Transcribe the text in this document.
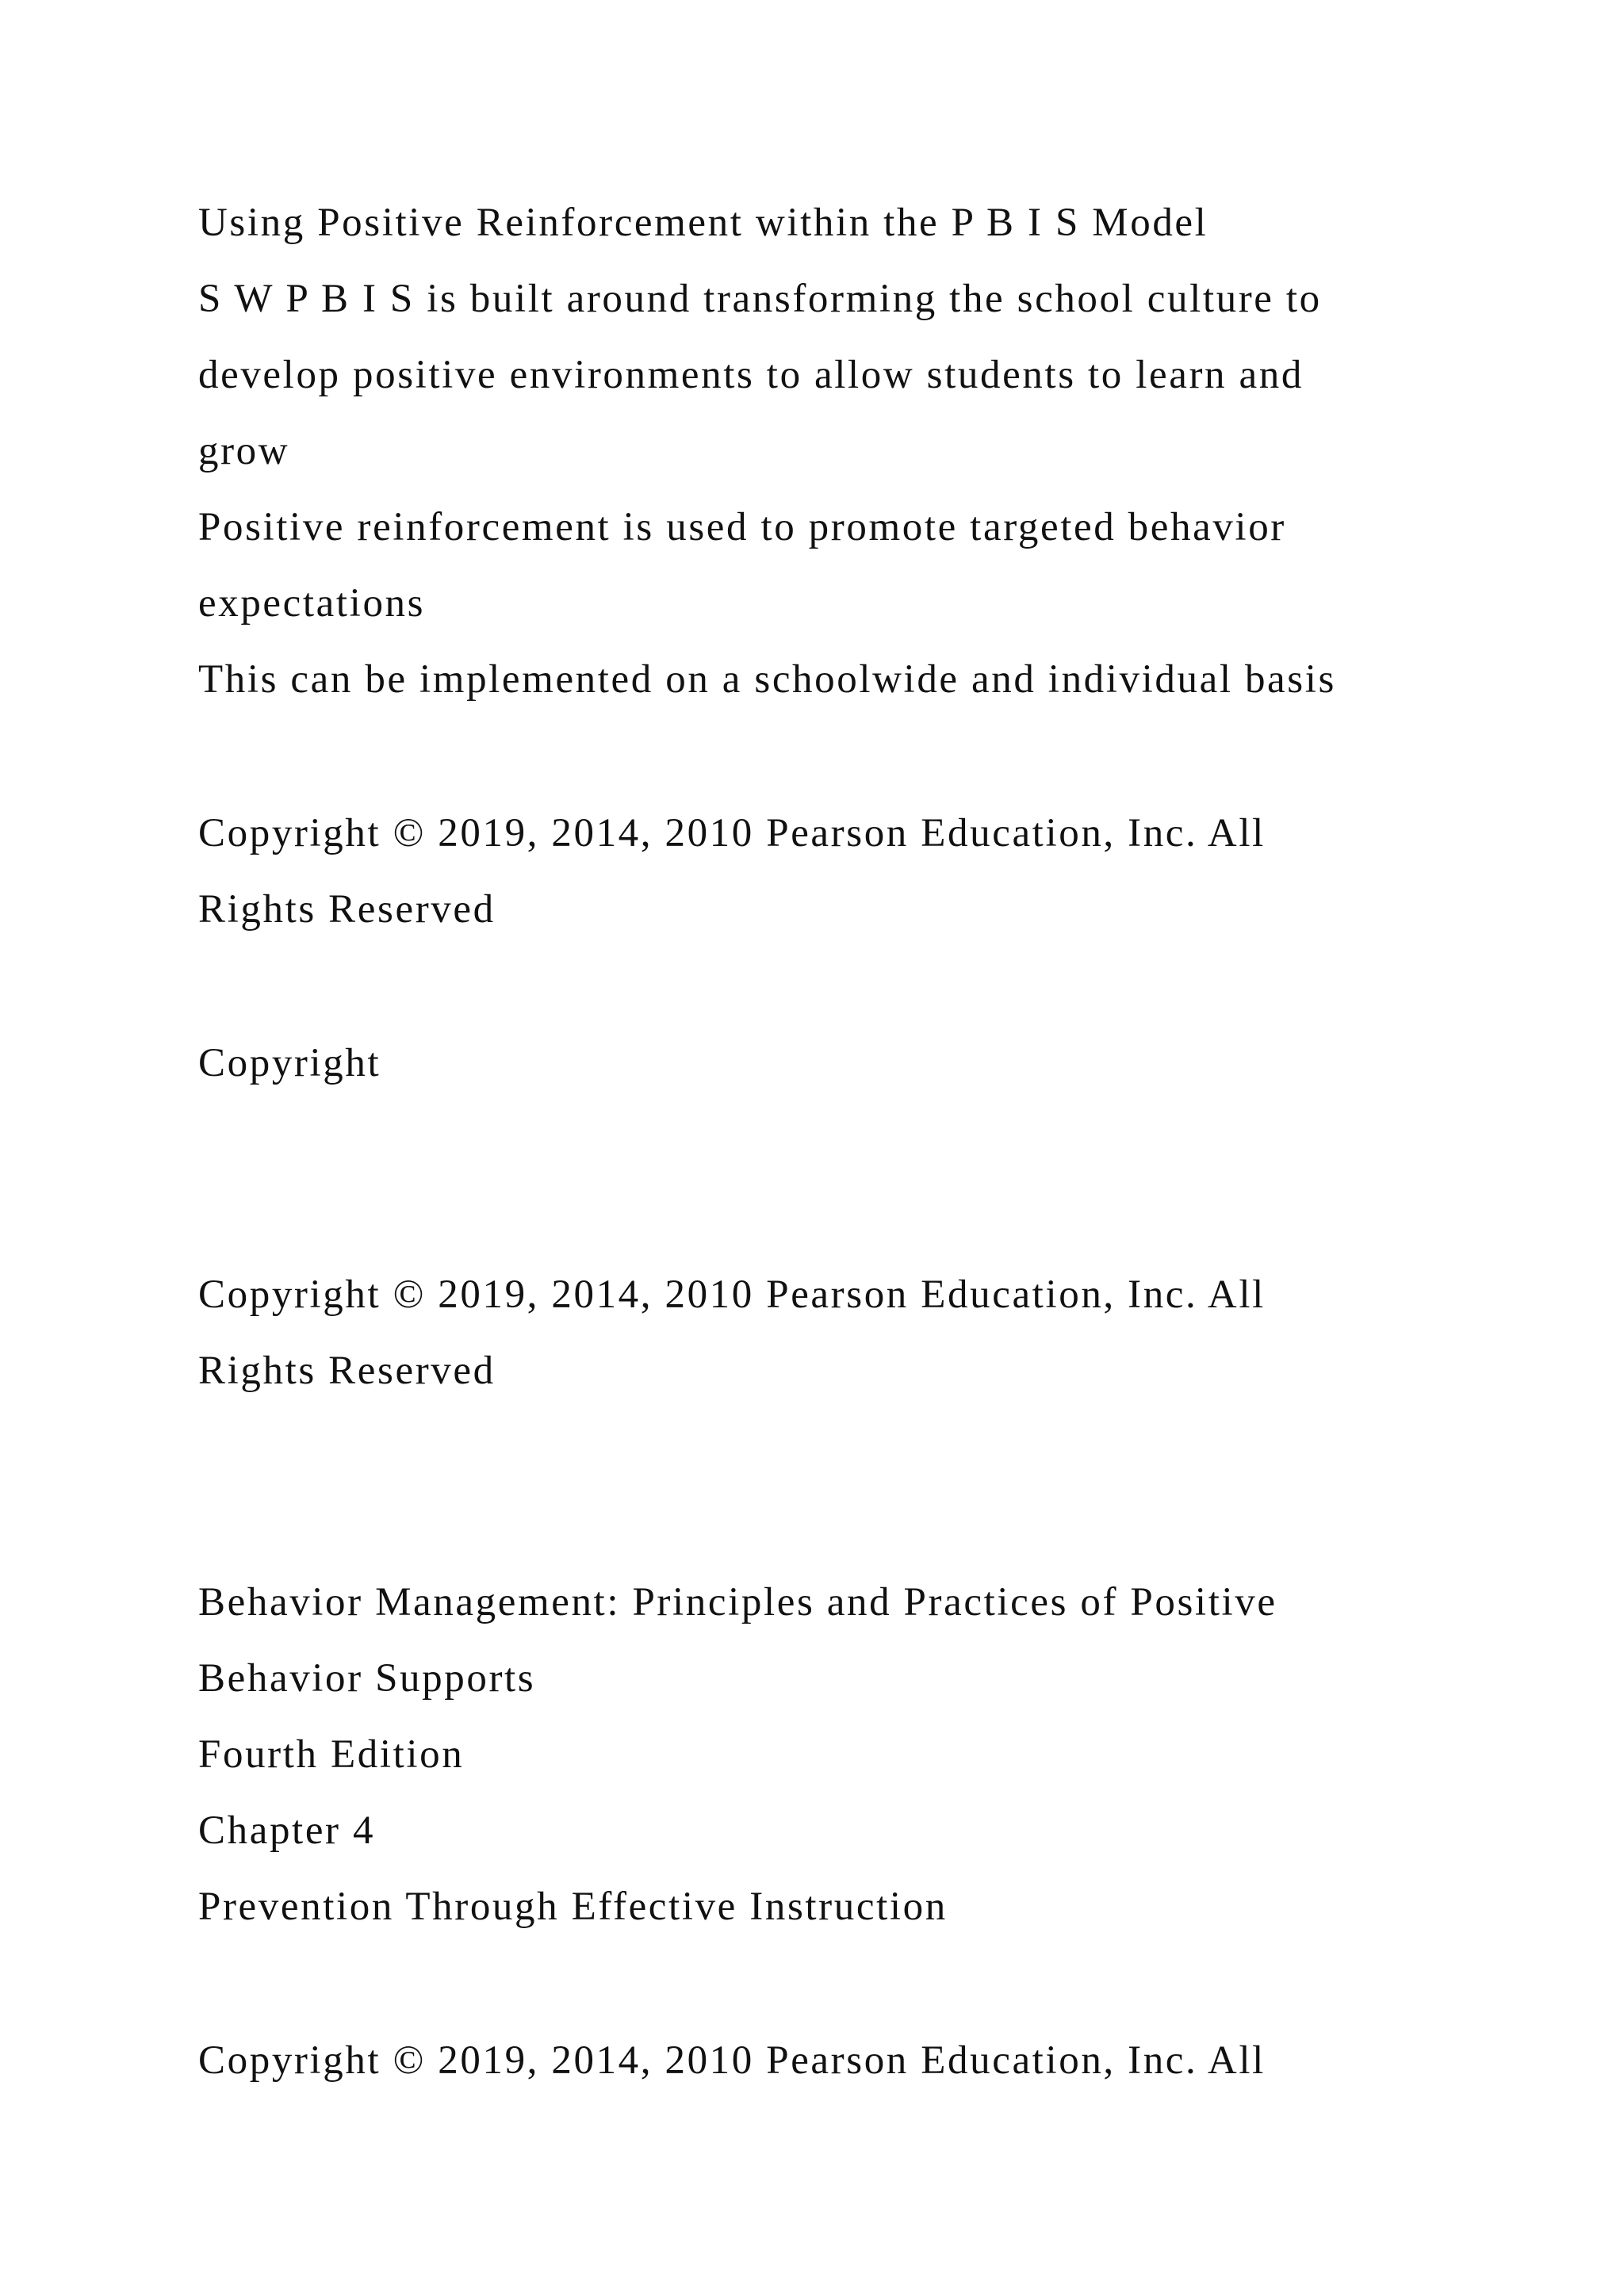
Using Positive Reinforcement within the P B I S Model

S W P B I S is built around transforming the school culture to

develop positive environments to allow students to learn and

grow

Positive reinforcement is used to promote targeted behavior

expectations

This can be implemented on a schoolwide and individual basis

Copyright © 2019, 2014, 2010 Pearson Education, Inc. All

Rights Reserved

Copyright

Copyright © 2019, 2014, 2010 Pearson Education, Inc. All

Rights Reserved

Behavior Management: Principles and Practices of Positive

Behavior Supports

Fourth Edition

Chapter 4

Prevention Through Effective Instruction

Copyright © 2019, 2014, 2010 Pearson Education, Inc. All
